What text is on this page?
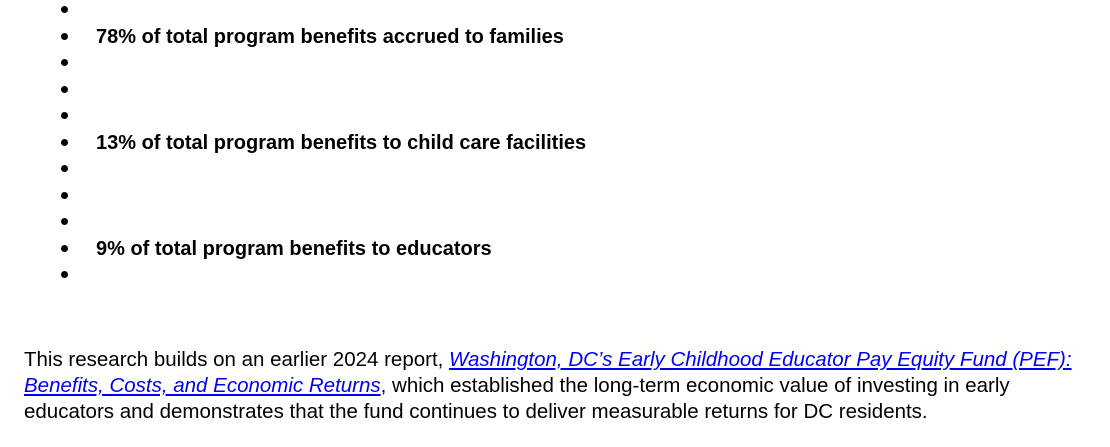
78% of total program benefits accrued to families
13% of total program benefits to child care facilities
9% of total program benefits to educators

This research builds on an earlier 2024 report, Washington, DC’s Early Childhood Educator Pay Equity Fund (PEF): Benefits, Costs, and Economic Returns, which established the long-term economic value of investing in early educators and demonstrates that the fund continues to deliver measurable returns for DC residents.
